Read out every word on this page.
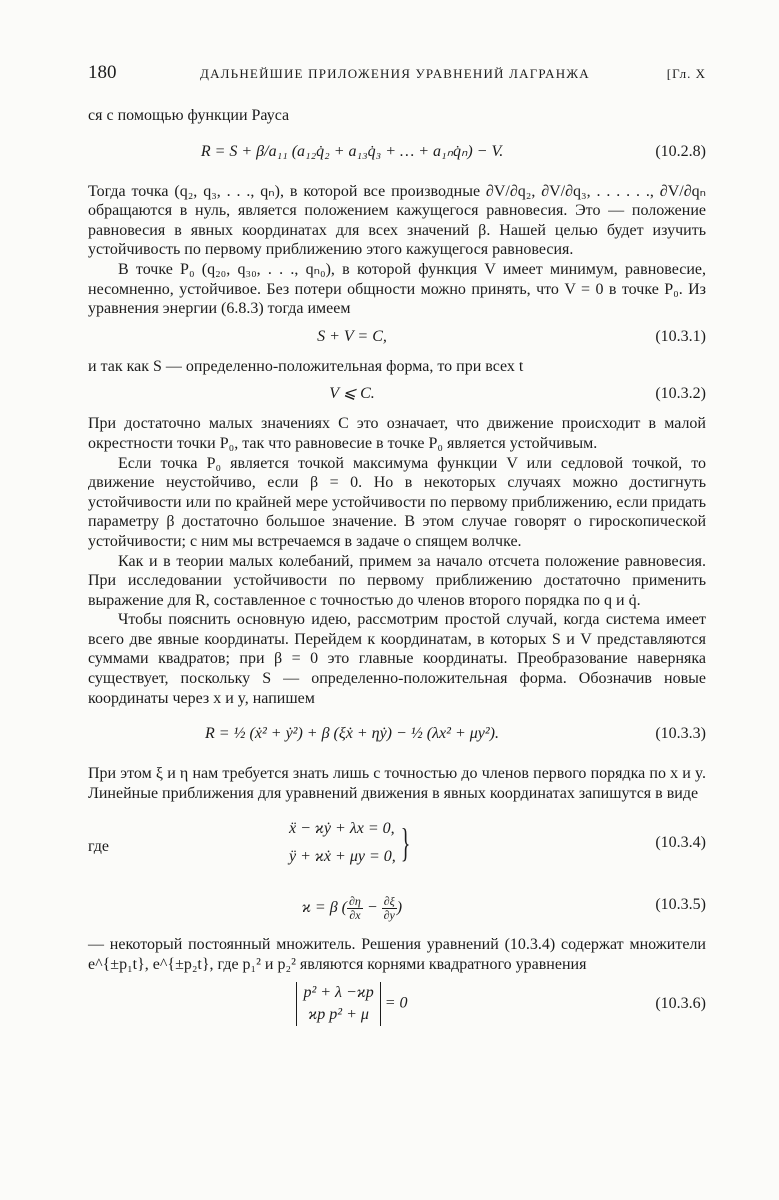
180	ДАЛЬНЕЙШИЕ ПРИЛОЖЕНИЯ УРАВНЕНИЙ ЛАГРАНЖА	[Гл. X

ся с помощью функции Рауса

R = S + β/a₁₁ (a₁₂q̇₂ + a₁₃q̇₃ + … + a₁ₙq̇ₙ) − V.	(10.2.8)

Тогда точка (q₂, q₃, . . ., qₙ), в которой все производные ∂V/∂q₂, ∂V/∂q₃, . . . . . ., ∂V/∂qₙ обращаются в нуль, является положением кажущегося равновесия. Это — положение равновесия в явных координатах для всех значений β. Нашей целью будет изучить устойчивость по первому приближению этого кажущегося равновесия.

В точке P₀ (q₂₀, q₃₀, . . ., qₙ₀), в которой функция V имеет минимум, равновесие, несомненно, устойчивое. Без потери общности можно принять, что V = 0 в точке P₀. Из уравнения энергии (6.8.3) тогда имеем

S + V = C,	(10.3.1)

и так как S — определенно-положительная форма, то при всех t

V ⩽ C.	(10.3.2)

При достаточно малых значениях C это означает, что движение происходит в малой окрестности точки P₀, так что равновесие в точке P₀ является устойчивым.

Если точка P₀ является точкой максимума функции V или седловой точкой, то движение неустойчиво, если β = 0. Но в некоторых случаях можно достигнуть устойчивости или по крайней мере устойчивости по первому приближению, если придать параметру β достаточно большое значение. В этом случае говорят о гироскопической устойчивости; с ним мы встречаемся в задаче о спящем волчке.

Как и в теории малых колебаний, примем за начало отсчета положение равновесия. При исследовании устойчивости по первому приближению достаточно применить выражение для R, составленное с точностью до членов второго порядка по q и q̇.

Чтобы пояснить основную идею, рассмотрим простой случай, когда система имеет всего две явные координаты. Перейдем к координатам, в которых S и V представляются суммами квадратов; при β = 0 это главные координаты. Преобразование наверняка существует, поскольку S — определенно-положительная форма. Обозначив новые координаты через x и y, напишем

R = ½ (ẋ² + ẏ²) + β (ξẋ + ηẏ) − ½ (λx² + μy²).	(10.3.3)

При этом ξ и η нам требуется знать лишь с точностью до членов первого порядка по x и y. Линейные приближения для уравнений движения в явных координатах запишутся в виде

ẍ − ϰẏ + λx = 0,
ÿ + ϰẋ + μy = 0, }	(10.3.4)

где

ϰ = β ( $\frac{\partial\eta}{\partial x} - \frac{\partial\xi}{\partial y}$ )	(10.3.5)

— некоторый постоянный множитель. Решения уравнений (10.3.4) содержат множители e^{±p₁t}, e^{±p₂t}, где p₁² и p₂² являются корнями квадратного уравнения

p² + λ −ϰp
ϰp p² + μ
= 0	(10.3.6)
